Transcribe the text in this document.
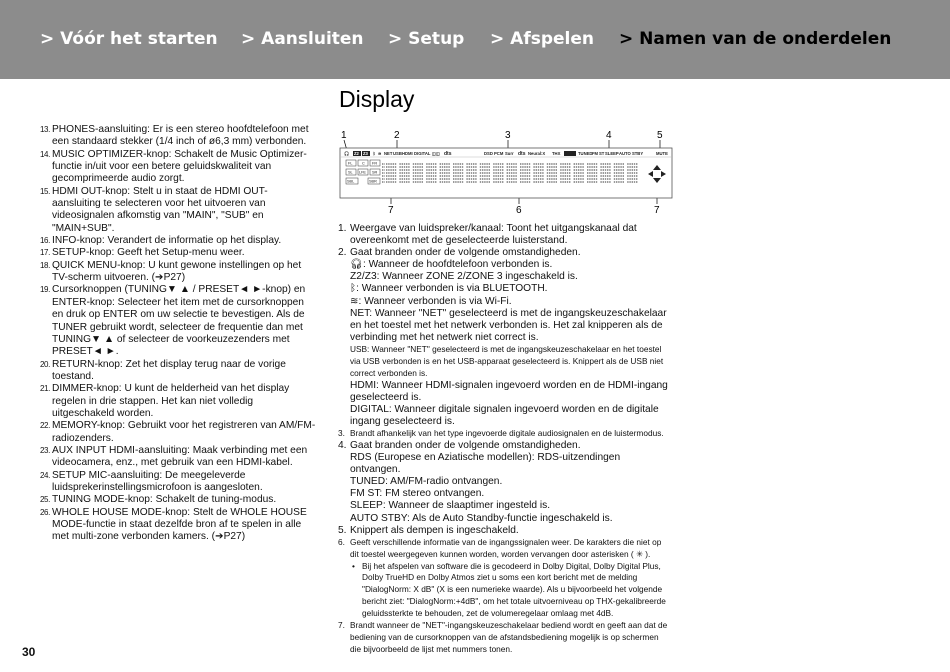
> Vóór het starten > Aansluiten > Setup > Afspelen > Namen van de onderdelen
Display
13. PHONES-aansluiting: Er is een stereo hoofdtelefoon met een standaard stekker (1/4 inch of ø6,3 mm) verbonden.
14. MUSIC OPTIMIZER-knop: Schakelt de Music Optimizer-functie in/uit voor een betere geluidskwaliteit van gecomprimeerde audio zorgt.
15. HDMI OUT-knop: Stelt u in staat de HDMI OUT-aansluiting te selecteren voor het uitvoeren van videosignalen afkomstig van "MAIN", "SUB" en "MAIN+SUB".
16. INFO-knop: Verandert de informatie op het display.
17. SETUP-knop: Geeft het Setup-menu weer.
18. QUICK MENU-knop: U kunt gewone instellingen op het TV-scherm uitvoeren. (➔P27)
19. Cursorknoppen (TUNING▼ ▲ / PRESET◄ ►-knop) en ENTER-knop: Selecteer het item met de cursorknoppen en druk op ENTER om uw selectie te bevestigen. Als de TUNER gebruikt wordt, selecteer de frequentie dan met TUNING▼ ▲ of selecteer de voorkeuzezenders met PRESET◄ ►.
20. RETURN-knop: Zet het display terug naar de vorige toestand.
21. DIMMER-knop: U kunt de helderheid van het display regelen in drie stappen. Het kan niet volledig uitgeschakeld worden.
22. MEMORY-knop: Gebruikt voor het registreren van AM/FM-radiozenders.
23. AUX INPUT HDMI-aansluiting: Maak verbinding met een videocamera, enz., met gebruik van een HDMI-kabel.
24. SETUP MIC-aansluiting: De meegeleverde luidsprekerinstellingsmicrofoon is aangesloten.
25. TUNING MODE-knop: Schakelt de tuning-modus.
26. WHOLE HOUSE MODE-knop: Stelt de WHOLE HOUSE MODE-functie in staat dezelfde bron af te spelen in alle met multi-zone verbonden kamers. (➔P27)
1	2	3	4	5
🎧 Z2 Z3 ᛒ ≋ NET USB HDMI DIGITAL ◫◫ dts	DSD PCM Surr dts Neural:X THX	TUNED FM ST SLEEP AUTO STBY	MUTE
FL	C FR
SL LFE SR
SBL	SBR
7	6	7
1. Weergave van luidspreker/kanaal: Toont het uitgangskanaal dat overeenkomt met de geselecteerde luisterstand.
2. Gaat branden onder de volgende omstandigheden.
🎧︎: Wanneer de hoofdtelefoon verbonden is.
Z2/Z3: Wanneer ZONE 2/ZONE 3 ingeschakeld is.
ᛒ: Wanneer verbonden is via BLUETOOTH.
≋: Wanneer verbonden is via Wi-Fi.
NET: Wanneer "NET" geselecteerd is met de ingangskeuzeschakelaar en het toestel met het netwerk verbonden is. Het zal knipperen als de verbinding met het netwerk niet correct is.
USB: Wanneer "NET" geselecteerd is met de ingangskeuzeschakelaar en het toestel via USB verbonden is en het USB-apparaat geselecteerd is. Knippert als de USB niet correct verbonden is.
HDMI: Wanneer HDMI-signalen ingevoerd worden en de HDMI-ingang geselecteerd is.
DIGITAL: Wanneer digitale signalen ingevoerd worden en de digitale ingang geselecteerd is.
3. Brandt afhankelijk van het type ingevoerde digitale audiosignalen en de luistermodus.
4. Gaat branden onder de volgende omstandigheden.
RDS (Europese en Aziatische modellen): RDS-uitzendingen ontvangen.
TUNED: AM/FM-radio ontvangen.
FM ST: FM stereo ontvangen.
SLEEP: Wanneer de slaaptimer ingesteld is.
AUTO STBY: Als de Auto Standby-functie ingeschakeld is.
5. Knippert als dempen is ingeschakeld.
6. Geeft verschillende informatie van de ingangssignalen weer. De karakters die niet op dit toestel weergegeven kunnen worden, worden vervangen door asterisken ( ✳ ).
• Bij het afspelen van software die is gecodeerd in Dolby Digital, Dolby Digital Plus, Dolby TrueHD en Dolby Atmos ziet u soms een kort bericht met de melding "DialogNorm: X dB" (X is een numerieke waarde). Als u bijvoorbeeld het volgende bericht ziet: "DialogNorm:+4dB", om het totale uitvoerniveau op THX-gekalibreerde geluidssterkte te behouden, zet de volumeregelaar omlaag met 4dB.
7. Brandt wanneer de "NET"-ingangskeuzeschakelaar bediend wordt en geeft aan dat de bediening van de cursorknoppen van de afstandsbediening mogelijk is op schermen die bijvoorbeeld de lijst met nummers tonen.
30
